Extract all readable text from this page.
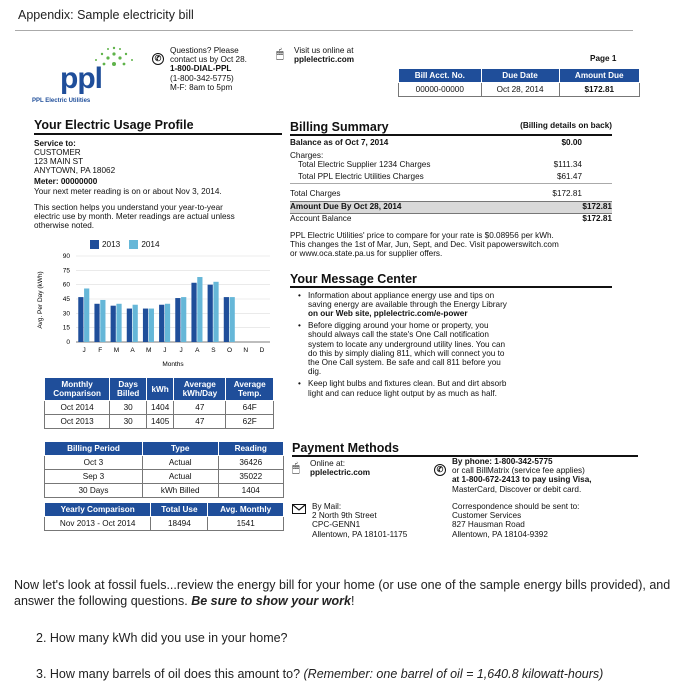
Appendix: Sample electricity bill
ppl
PPL Electric Utilities
✆
Questions? Please
contact us by Oct 28.
1-800-DIAL-PPL
(1-800-342-5775)
M-F: 8am to 5pm
🖱 Visit us online at
pplelectric.com	Page 1
Bill Acct. No.	Due Date	Amount Due
00000-00000	Oct 28, 2014	$172.81
Your Electric Usage Profile
Service to:
CUSTOMER
123 MAIN ST
ANYTOWN, PA 18062
Meter: 00000000
Your next meter reading is on or about Nov 3, 2014.
This section helps you understand your year-to-year
electric use by month. Meter readings are actual unless
otherwise noted.
2013	2014
Avg. Per Day (kWh)
90
75
60
45
30
15
0
J F M A M J J A S O N D
Months
Monthly Comparison	Days Billed	kWh	Average kWh/Day	Average Temp.
Oct 2014	30	1404	47	64F
Oct 2013	30	1405	47	62F
Billing Period	Type	Reading
Oct 3	Actual	36426
Sep 3	Actual	35022
30 Days	kWh Billed	1404
Yearly Comparison	Total Use	Avg. Monthly
Nov 2013 - Oct 2014	18494	1541
Billing Summary	(Billing details on back)
Balance as of Oct 7, 2014	$0.00
Charges:
Total Electric Supplier 1234 Charges	$111.34
Total PPL Electric Utilities Charges	$61.47
Total Charges	$172.81
Amount Due By Oct 28, 2014	$172.81
Account Balance	$172.81
PPL Electric Utilities' price to compare for your rate is $0.08956 per kWh.
This changes the 1st of Mar, Jun, Sept, and Dec. Visit papowerswitch.com
or www.oca.state.pa.us for supplier offers.
Your Message Center
• Information about appliance energy use and tips on
saving energy are available through the Energy Library
on our Web site, pplelectric.com/e-power
• Before digging around your home or property, you
should always call the state's One Call notification
system to locate any underground utility lines. You can
do this by simply dialing 811, which will connect you to
the One Call system. Be safe and call 811 before you
dig.
• Keep light bulbs and fixtures clean. But and dirt absorb
light and can reduce light output by as much as half.
Payment Methods
🖱 Online at:
pplelectric.com	✆
By phone: 1-800-342-5775
or call BillMatrix (service fee applies)
at 1-800-672-2413 to pay using Visa,
MasterCard, Discover or debit card.
By Mail:
2 North 9th Street
CPC-GENN1
Allentown, PA 18101-1175
Correspondence should be sent to:
Customer Services
827 Hausman Road
Allentown, PA 18104-9392
Now let's look at fossil fuels...review the energy bill for your home (or use one of the sample energy bills provided), and answer the following questions. Be sure to show your work!
2. How many kWh did you use in your home?
3. How many barrels of oil does this amount to? (Remember: one barrel of oil = 1,640.8 kilowatt-hours)
